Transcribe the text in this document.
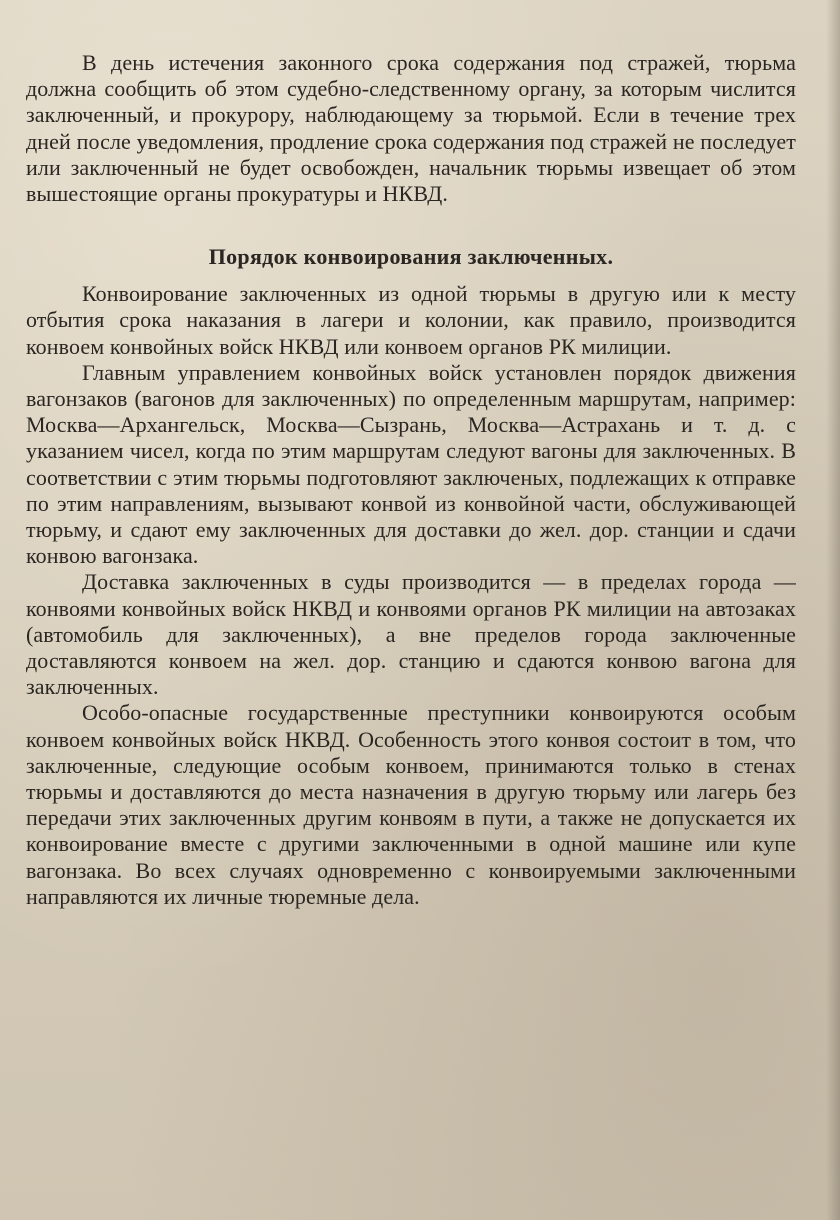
В день истечения законного срока содержания под стражей, тюрьма должна сообщить об этом судебно-следственному органу, за которым числится заключенный, и прокурору, наблюдающему за тюрьмой. Если в течение трех дней после уведомления, продление срока содержания под стражей не последует или заключенный не будет освобожден, начальник тюрьмы извещает об этом вышестоящие органы прокуратуры и НКВД.

Порядок конвоирования заключенных.

Конвоирование заключенных из одной тюрьмы в другую или к месту отбытия срока наказания в лагери и колонии, как правило, производится конвоем конвойных войск НКВД или конвоем органов РК милиции.

Главным управлением конвойных войск установлен порядок движения вагонзаков (вагонов для заключенных) по определенным маршрутам, например: Москва—Архангельск, Москва—Сызрань, Москва—Астрахань и т. д. с указанием чисел, когда по этим маршрутам следуют вагоны для заключенных. В соответствии с этим тюрьмы подготовляют заключеных, подлежащих к отправке по этим направлениям, вызывают конвой из конвойной части, обслуживающей тюрьму, и сдают ему заключенных для доставки до жел. дор. станции и сдачи конвою вагонзака.

Доставка заключенных в суды производится — в пределах города — конвоями конвойных войск НКВД и конвоями органов РК милиции на автозаках (автомобиль для заключенных), а вне пределов города заключенные доставляются конвоем на жел. дор. станцию и сдаются конвою вагона для заключенных.

Особо-опасные государственные преступники конвоируются особым конвоем конвойных войск НКВД. Особенность этого конвоя состоит в том, что заключенные, следующие особым конвоем, принимаются только в стенах тюрьмы и доставляются до места назначения в другую тюрьму или лагерь без передачи этих заключенных другим конвоям в пути, а также не допускается их конвоирование вместе с другими заключенными в одной машине или купе вагонзака. Во всех случаях одновременно с конвоируемыми заключенными направляются их личные тюремные дела.
